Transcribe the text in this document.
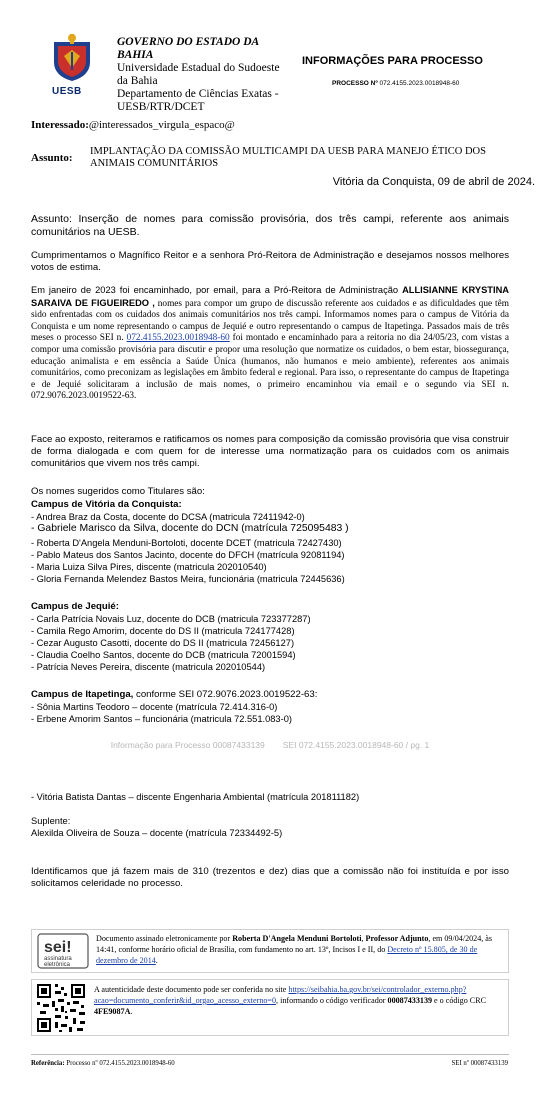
UESB
GOVERNO DO ESTADO DA BAHIA
Universidade Estadual do Sudoeste da Bahia
Departamento de Ciências Exatas - UESB/RTR/DCET
INFORMAÇÕES PARA PROCESSO
PROCESSO Nº 072.4155.2023.0018948-60
Interessado:@interessados_virgula_espaco@
Assunto:
IMPLANTAÇÃO DA COMISSÃO MULTICAMPI DA UESB PARA MANEJO ÉTICO DOS ANIMAIS COMUNITÁRIOS
Vitória da Conquista, 09 de abril de 2024.
Assunto: Inserção de nomes para comissão provisória, dos três campi, referente aos animais comunitários na UESB.
Cumprimentamos o Magnífico Reitor e a senhora Pró-Reitora de Administração e desejamos nossos melhores votos de estima.
Em janeiro de 2023 foi encaminhado, por email, para a Pró-Reitora de Administração ALLISIANNE KRYSTINA SARAIVA DE FIGUEIREDO , nomes para compor um grupo de discussão referente aos cuidados e as dificuldades que têm sido enfrentadas com os cuidados dos animais comunitários nos três campi. Informamos nomes para o campus de Vitória da Conquista e um nome representando o campus de Jequié e outro representando o campus de Itapetinga. Passados mais de três meses o processo SEI n. 072.4155.2023.0018948-60 foi montado e encaminhado para a reitoria no dia 24/05/23, com vistas a compor uma comissão provisória para discutir e propor uma resolução que normatize os cuidados, o bem estar, biossegurança, educação animalista e em essência a Saúde Única (humanos, não humanos e meio ambiente), referentes aos animais comunitários, como preconizam as legislações em âmbito federal e regional. Para isso, o representante do campus de Itapetinga e de Jequié solicitaram a inclusão de mais nomes, o primeiro encaminhou via email e o segundo via SEI n. 072.9076.2023.0019522-63.
Face ao exposto, reiteramos e ratificamos os nomes para composição da comissão provisória que visa construir de forma dialogada e com quem for de interesse uma normatização para os cuidados com os animais comunitários que vivem nos três campi.
Os nomes sugeridos como Titulares são:
Campus de Vitória da Conquista:
- Andrea Braz da Costa, docente do DCSA (matricula 72411942-0)
- Gabriele Marisco da Silva, docente do DCN (matrícula 725095483 )
- Roberta D'Angela Menduni-Bortoloti, docente DCET (matricula 72427430)
- Pablo Mateus dos Santos Jacinto, docente do DFCH (matrícula 92081194)
- Maria Luiza Silva Pires, discente (matricula 202010540)
- Gloria Fernanda Melendez Bastos Meira, funcionária (matricula 72445636)
Campus de Jequié:
- Carla Patrícia Novais Luz, docente do DCB (matricula 723377287)
- Camila Rego Amorim, docente do DS II (matricula 724177428)
- Cezar Augusto Casotti, docente do DS II (matricula 72456127)
- Claudia Coelho Santos, docente do DCB (matricula 72001594)
- Patrícia Neves Pereira, discente (matricula 202010544)
Campus de Itapetinga, conforme SEI 072.9076.2023.0019522-63:
- Sônia Martins Teodoro – docente (matrícula 72.414.316-0)
- Erbene Amorim Santos – funcionária (matricula 72.551.083-0)
Informação para Processo 00087433139 SEI 072.4155.2023.0018948-60 / pg. 1
- Vitória Batista Dantas – discente Engenharia Ambiental (matrícula 201811182)
Suplente:
Alexilda Oliveira de Souza – docente (matrícula 72334492-5)
Identificamos que já fazem mais de 310 (trezentos e dez) dias que a comissão não foi instituída e por isso solicitamos celeridade no processo.
sei!
assinatura
eletrônica
Documento assinado eletronicamente por Roberta D'Angela Menduni Bortoloti, Professor Adjunto, em 09/04/2024, às 14:41, conforme horário oficial de Brasília, com fundamento no art. 13º, Incisos I e II, do Decreto nº 15.805, de 30 de dezembro de 2014.
A autenticidade deste documento pode ser conferida no site https://seibahia.ba.gov.br/sei/controlador_externo.php?acao=documento_conferir&id_orgao_acesso_externo=0, informando o código verificador 00087433139 e o código CRC 4FE9087A.
Referência: Processo nº 072.4155.2023.0018948-60	SEI nº 00087433139
